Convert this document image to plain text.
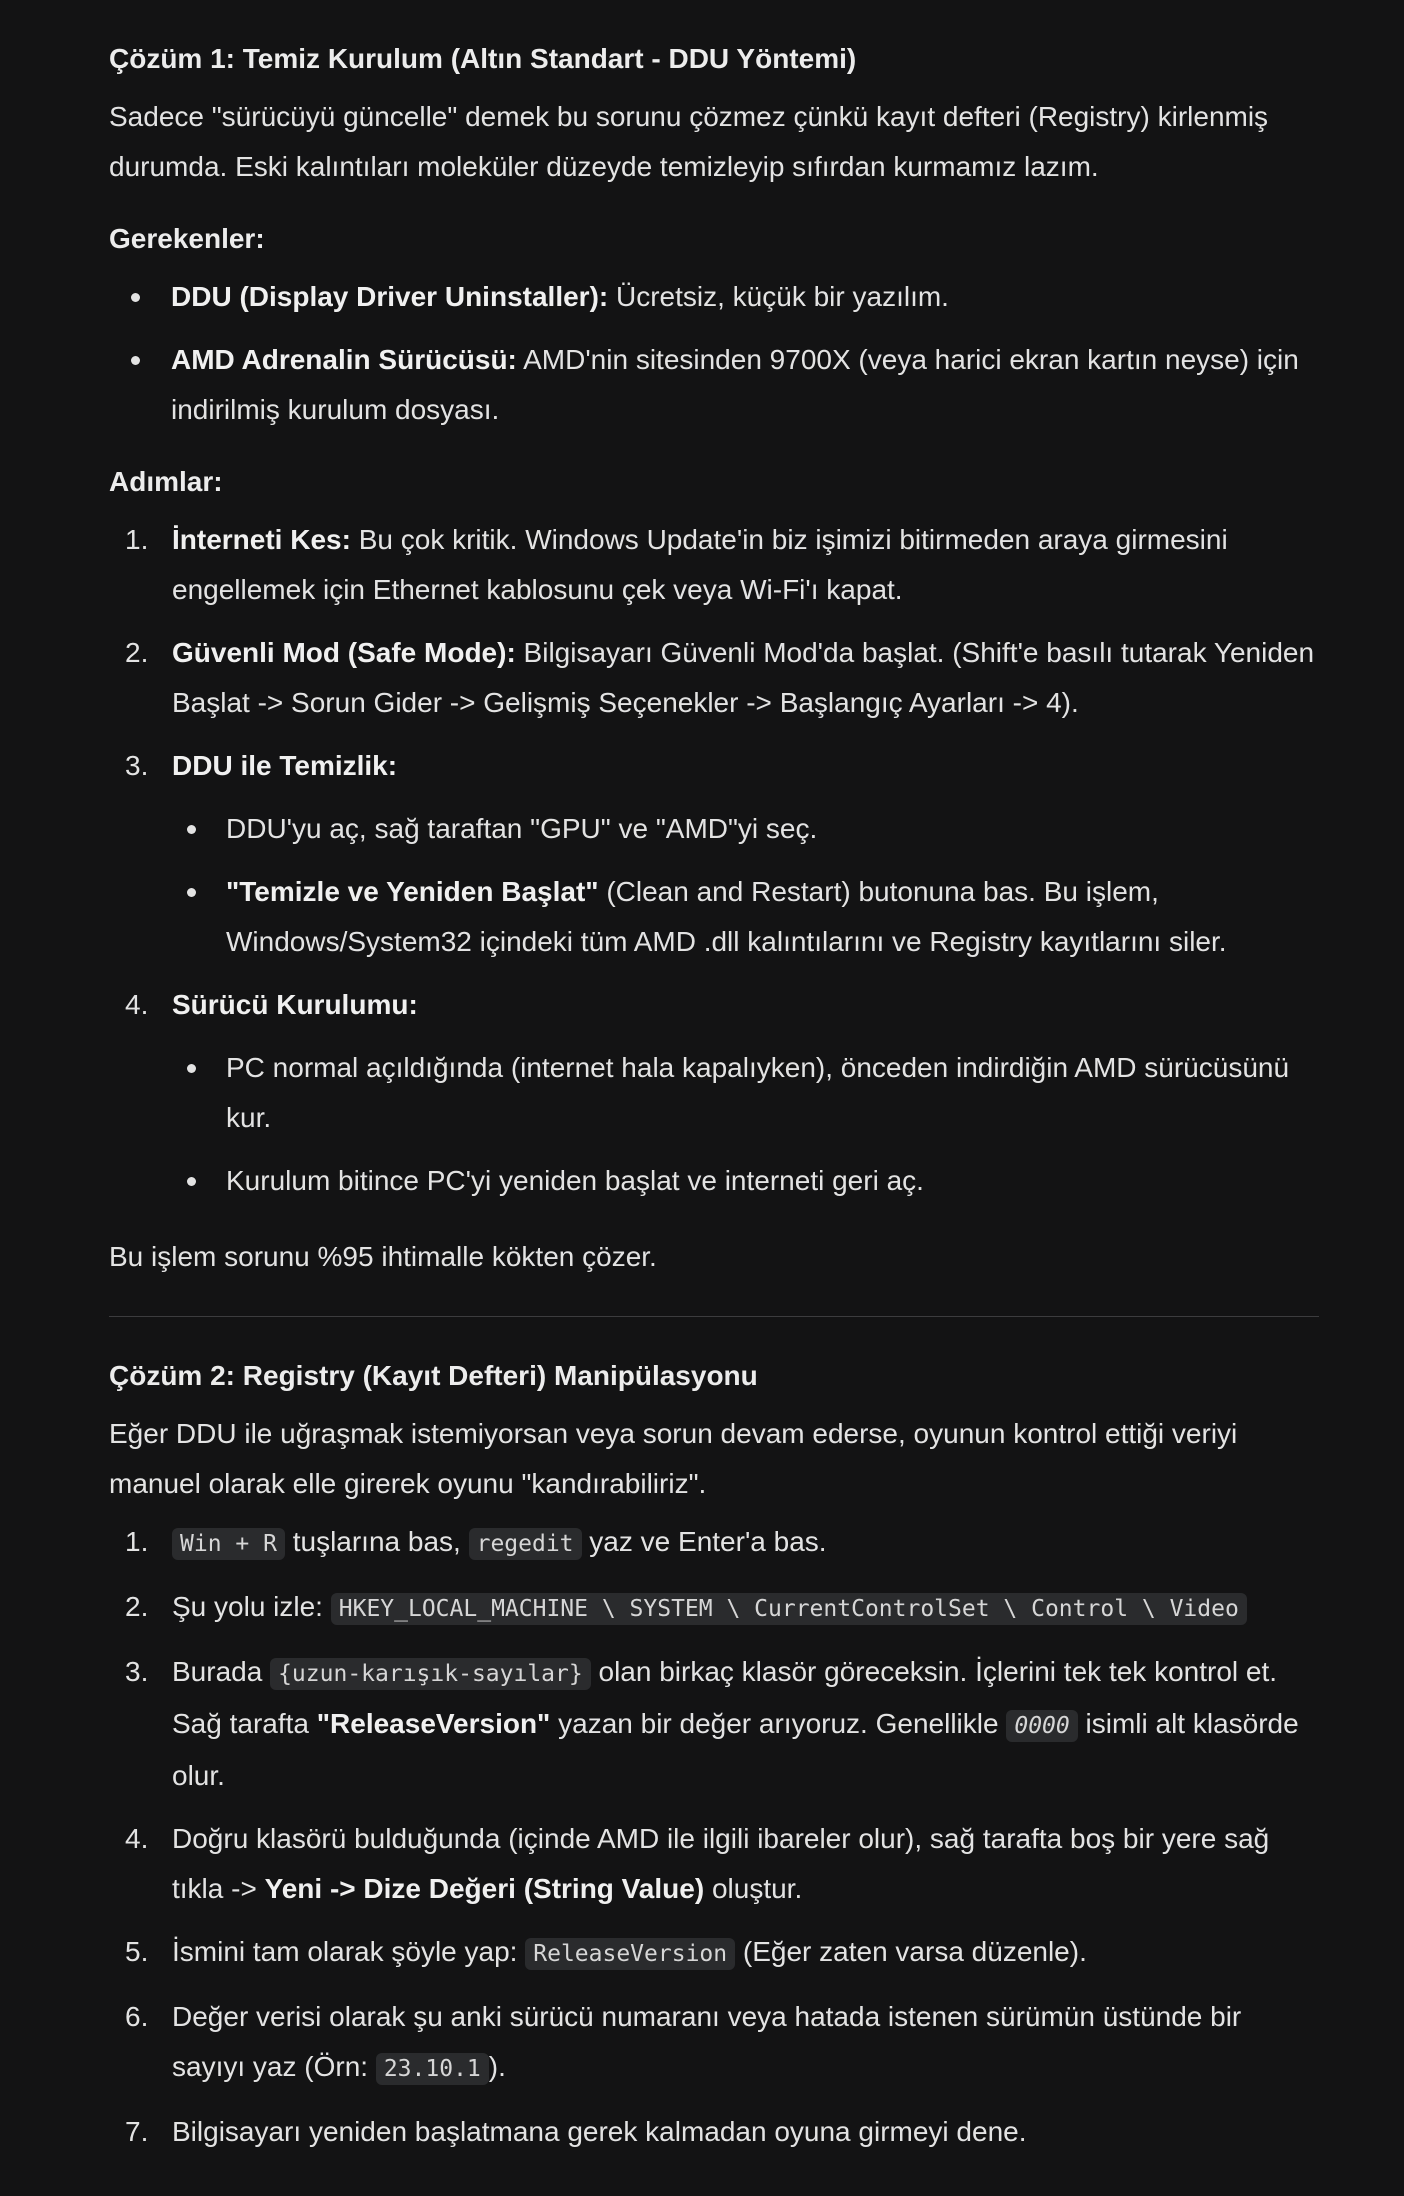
Çözüm 1: Temiz Kurulum (Altın Standart - DDU Yöntemi)

Sadece "sürücüyü güncelle" demek bu sorunu çözmez çünkü kayıt defteri (Registry) kirlenmiş durumda. Eski kalıntıları moleküler düzeyde temizleyip sıfırdan kurmamız lazım.

Gerekenler:
DDU (Display Driver Uninstaller): Ücretsiz, küçük bir yazılım.
AMD Adrenalin Sürücüsü: AMD'nin sitesinden 9700X (veya harici ekran kartın neyse) için indirilmiş kurulum dosyası.
Adımlar:
1. İnterneti Kes: Bu çok kritik. Windows Update'in biz işimizi bitirmeden araya girmesini engellemek için Ethernet kablosunu çek veya Wi-Fi'ı kapat.
2. Güvenli Mod (Safe Mode): Bilgisayarı Güvenli Mod'da başlat. (Shift'e basılı tutarak Yeniden Başlat -> Sorun Gider -> Gelişmiş Seçenekler -> Başlangıç Ayarları -> 4).
3. DDU ile Temizlik:
DDU'yu aç, sağ taraftan "GPU" ve "AMD"yi seç.
"Temizle ve Yeniden Başlat" (Clean and Restart) butonuna bas. Bu işlem, Windows/System32 içindeki tüm AMD .dll kalıntılarını ve Registry kayıtlarını siler.
4. Sürücü Kurulumu:
PC normal açıldığında (internet hala kapalıyken), önceden indirdiğin AMD sürücüsünü kur.
Kurulum bitince PC'yi yeniden başlat ve interneti geri aç.

Bu işlem sorunu %95 ihtimalle kökten çözer.

Çözüm 2: Registry (Kayıt Defteri) Manipülasyonu

Eğer DDU ile uğraşmak istemiyorsan veya sorun devam ederse, oyunun kontrol ettiği veriyi manuel olarak elle girerek oyunu "kandırabiliriz".

1. Win + R tuşlarına bas, regedit yaz ve Enter'a bas.
2. Şu yolu izle: HKEY_LOCAL_MACHINE \ SYSTEM \ CurrentControlSet \ Control \ Video
3. Burada {uzun-karışık-sayılar} olan birkaç klasör göreceksin. İçlerini tek tek kontrol et. Sağ tarafta "ReleaseVersion" yazan bir değer arıyoruz. Genellikle 0000 isimli alt klasörde olur.
4. Doğru klasörü bulduğunda (içinde AMD ile ilgili ibareler olur), sağ tarafta boş bir yere sağ tıkla -> Yeni -> Dize Değeri (String Value) oluştur.
5. İsmini tam olarak şöyle yap: ReleaseVersion (Eğer zaten varsa düzenle).
6. Değer verisi olarak şu anki sürücü numaranı veya hatada istenen sürümün üstünde bir sayıyı yaz (Örn: 23.10.1 ).
7. Bilgisayarı yeniden başlatmana gerek kalmadan oyuna girmeyi dene.
